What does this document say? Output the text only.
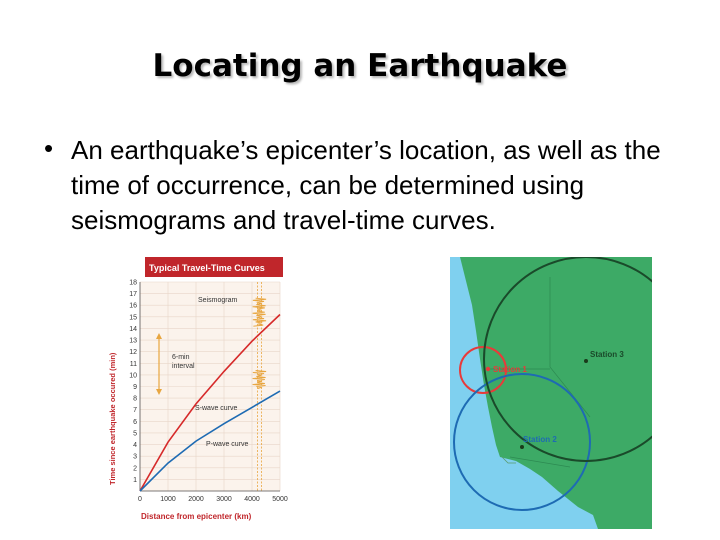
Locating an Earthquake
• An earthquake’s epicenter’s location, as well as the time of occurrence, can be determined using seismograms and travel-time curves.
Typical Travel-Time Curves
1
2
3
4
5
6
7
8
9
10
11
12
13
14
15
16
17
18
0	1000 2000 3000 4000 5000
Seismogram
6-min
interval
S-wave curve
P-wave curve
Time since earthquake occured (min)
Distance from epicenter (km)
Station 1
Station 2
Station 3
